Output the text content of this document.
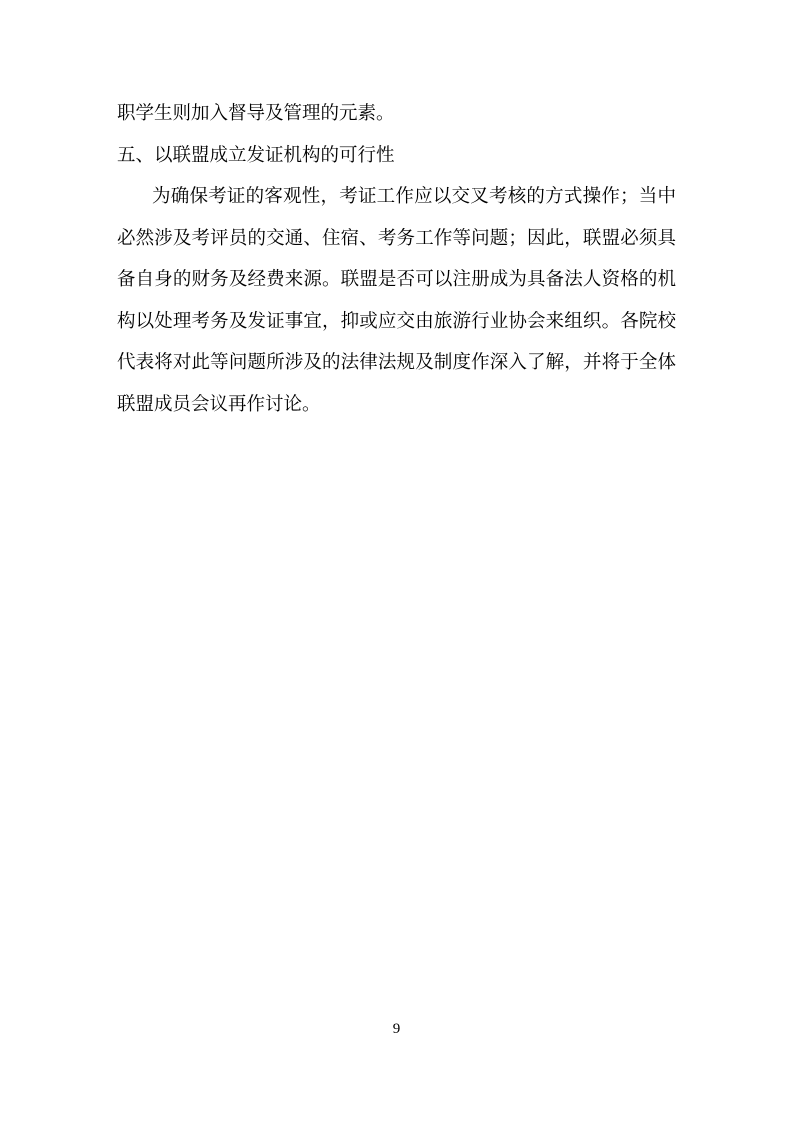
职学生则加入督导及管理的元素。
五、以联盟成立发证机构的可行性
为确保考证的客观性，考证工作应以交叉考核的方式操作；当中
必然涉及考评员的交通、住宿、考务工作等问题；因此，联盟必须具
备自身的财务及经费来源。联盟是否可以注册成为具备法人资格的机
构以处理考务及发证事宜，抑或应交由旅游行业协会来组织。各院校
代表将对此等问题所涉及的法律法规及制度作深入了解，并将于全体
联盟成员会议再作讨论。
9
